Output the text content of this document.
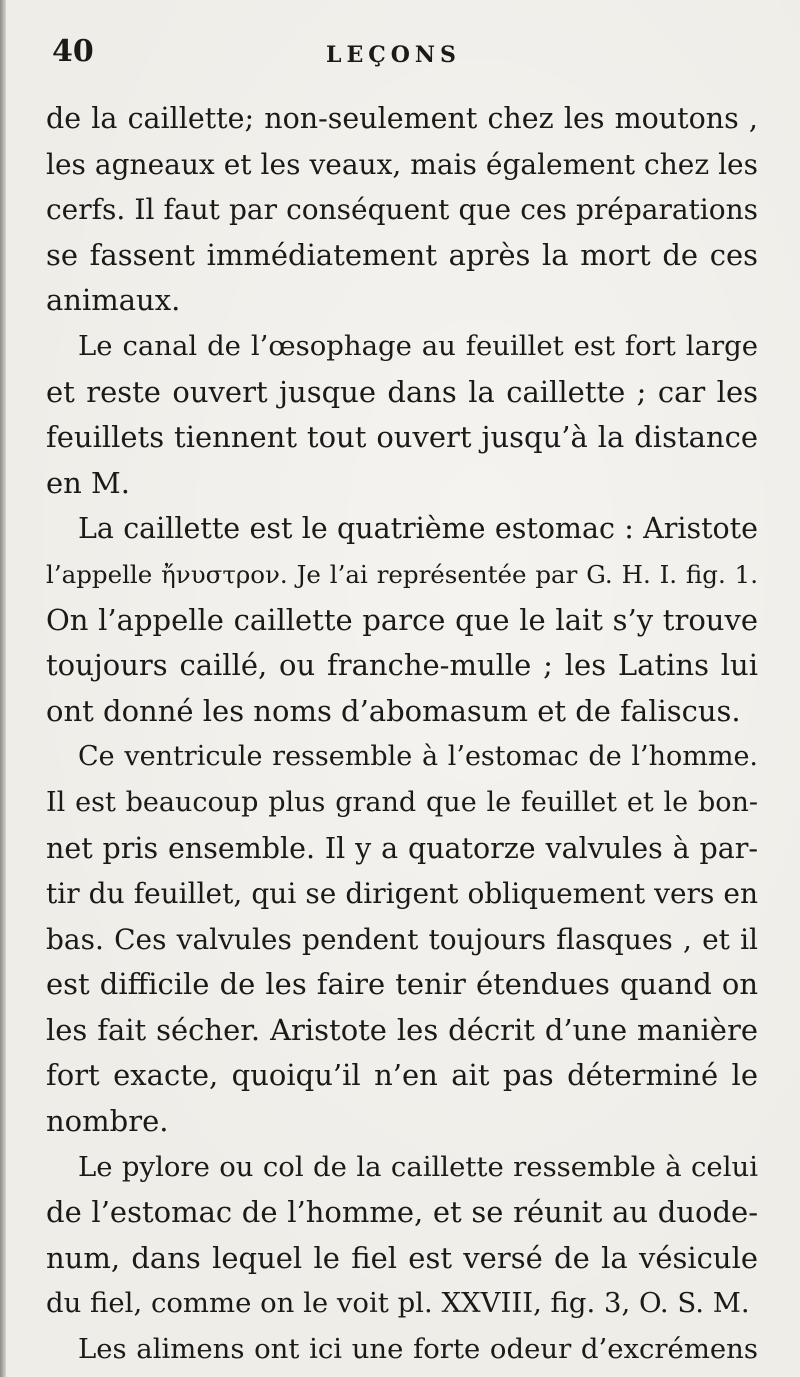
40	LEÇONS
de la caillette; non-seulement chez les moutons ,
les agneaux et les veaux, mais également chez les
cerfs. Il faut par conséquent que ces préparations
se fassent immédiatement après la mort de ces
animaux.
Le canal de l’œsophage au feuillet est fort large
et reste ouvert jusque dans la caillette ; car les
feuillets tiennent tout ouvert jusqu’à la distance
en M.
La caillette est le quatrième estomac : Aristote
l’appelle ἤνυστρον. Je l’ai représentée par G. H. I. fig. 1.
On l’appelle caillette parce que le lait s’y trouve
toujours caillé, ou franche-mulle ; les Latins lui
ont donné les noms d’abomasum et de faliscus.
Ce ventricule ressemble à l’estomac de l’homme.
Il est beaucoup plus grand que le feuillet et le bon-
net pris ensemble. Il y a quatorze valvules à par-
tir du feuillet, qui se dirigent obliquement vers en
bas. Ces valvules pendent toujours flasques , et il
est difficile de les faire tenir étendues quand on
les fait sécher. Aristote les décrit d’une manière
fort exacte, quoiqu’il n’en ait pas déterminé le
nombre.
Le pylore ou col de la caillette ressemble à celui
de l’estomac de l’homme, et se réunit au duode-
num, dans lequel le fiel est versé de la vésicule
du fiel, comme on le voit pl. XXVIII, fig. 3, O. S. M.
Les alimens ont ici une forte odeur d’excrémens
